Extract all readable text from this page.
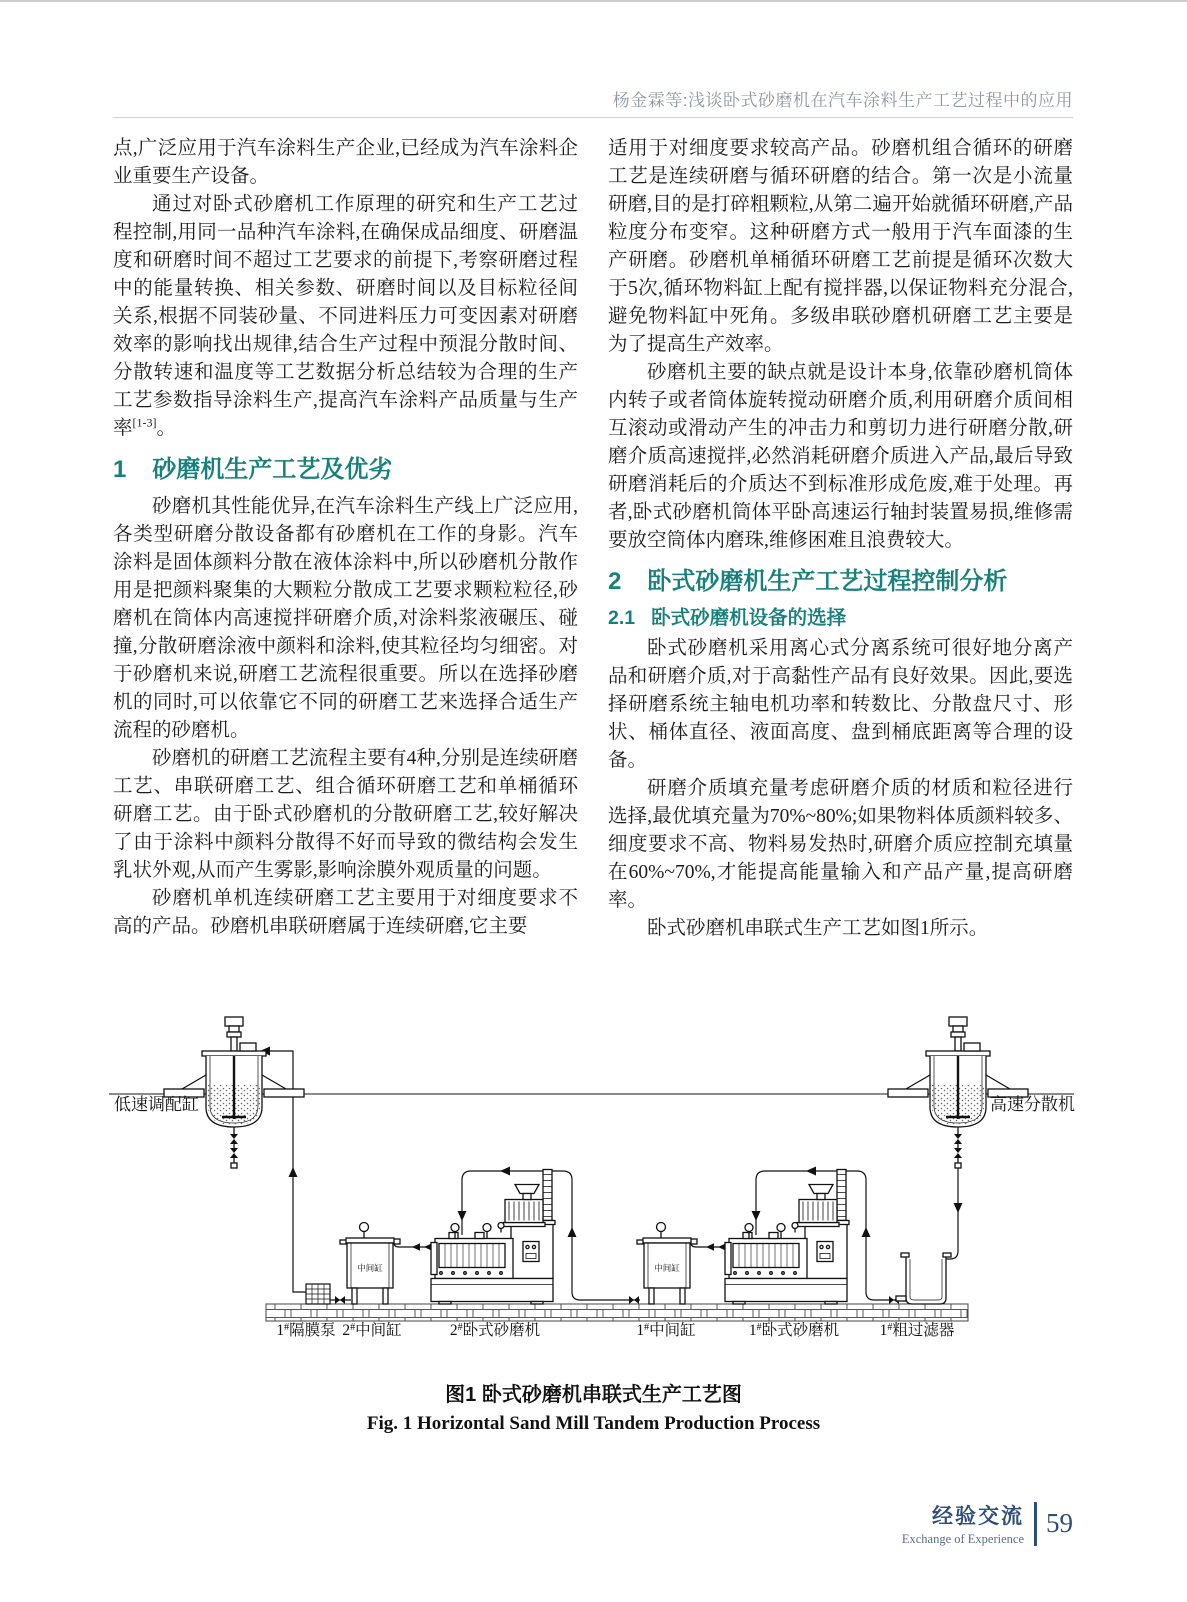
杨金霖等:浅谈卧式砂磨机在汽车涂料生产工艺过程中的应用

点,广泛应用于汽车涂料生产企业,已经成为汽车涂料企业重要生产设备。

通过对卧式砂磨机工作原理的研究和生产工艺过程控制,用同一品种汽车涂料,在确保成品细度、研磨温度和研磨时间不超过工艺要求的前提下,考察研磨过程中的能量转换、相关参数、研磨时间以及目标粒径间关系,根据不同装砂量、不同进料压力可变因素对研磨效率的影响找出规律,结合生产过程中预混分散时间、分散转速和温度等工艺数据分析总结较为合理的生产工艺参数指导涂料生产,提高汽车涂料产品质量与生产率[1-3]。

1 砂磨机生产工艺及优劣

砂磨机其性能优异,在汽车涂料生产线上广泛应用,各类型研磨分散设备都有砂磨机在工作的身影。汽车涂料是固体颜料分散在液体涂料中,所以砂磨机分散作用是把颜料聚集的大颗粒分散成工艺要求颗粒粒径,砂磨机在筒体内高速搅拌研磨介质,对涂料浆液碾压、碰撞,分散研磨涂液中颜料和涂料,使其粒径均匀细密。对于砂磨机来说,研磨工艺流程很重要。所以在选择砂磨机的同时,可以依靠它不同的研磨工艺来选择合适生产流程的砂磨机。

砂磨机的研磨工艺流程主要有4种,分别是连续研磨工艺、串联研磨工艺、组合循环研磨工艺和单桶循环研磨工艺。由于卧式砂磨机的分散研磨工艺,较好解决了由于涂料中颜料分散得不好而导致的微结构会发生乳状外观,从而产生雾影,影响涂膜外观质量的问题。

砂磨机单机连续研磨工艺主要用于对细度要求不高的产品。砂磨机串联研磨属于连续研磨,它主要

适用于对细度要求较高产品。砂磨机组合循环的研磨工艺是连续研磨与循环研磨的结合。第一次是小流量研磨,目的是打碎粗颗粒,从第二遍开始就循环研磨,产品粒度分布变窄。这种研磨方式一般用于汽车面漆的生产研磨。砂磨机单桶循环研磨工艺前提是循环次数大于5次,循环物料缸上配有搅拌器,以保证物料充分混合,避免物料缸中死角。多级串联砂磨机研磨工艺主要是为了提高生产效率。

砂磨机主要的缺点就是设计本身,依靠砂磨机筒体内转子或者筒体旋转搅动研磨介质,利用研磨介质间相互滚动或滑动产生的冲击力和剪切力进行研磨分散,研磨介质高速搅拌,必然消耗研磨介质进入产品,最后导致研磨消耗后的介质达不到标准形成危废,难于处理。再者,卧式砂磨机筒体平卧高速运行轴封装置易损,维修需要放空筒体内磨珠,维修困难且浪费较大。

2 卧式砂磨机生产工艺过程控制分析
2.1 卧式砂磨机设备的选择

卧式砂磨机采用离心式分离系统可很好地分离产品和研磨介质,对于高黏性产品有良好效果。因此,要选择研磨系统主轴电机功率和转数比、分散盘尺寸、形状、桶体直径、液面高度、盘到桶底距离等合理的设备。

研磨介质填充量考虑研磨介质的材质和粒径进行选择,最优填充量为70%~80%;如果物料体质颜料较多、细度要求不高、物料易发热时,研磨介质应控制充填量在60%~70%,才能提高能量输入和产品产量,提高研磨率。

卧式砂磨机串联式生产工艺如图1所示。

低速调配缸	高速分散机
中间缸	中间缸
1#隔膜泵 2#中间缸	2#卧式砂磨机	1#中间缸	1#卧式砂磨机	1#粗过滤器
图1 卧式砂磨机串联式生产工艺图
Fig. 1 Horizontal Sand Mill Tandem Production Process
经验交流
Exchange of Experience
59
